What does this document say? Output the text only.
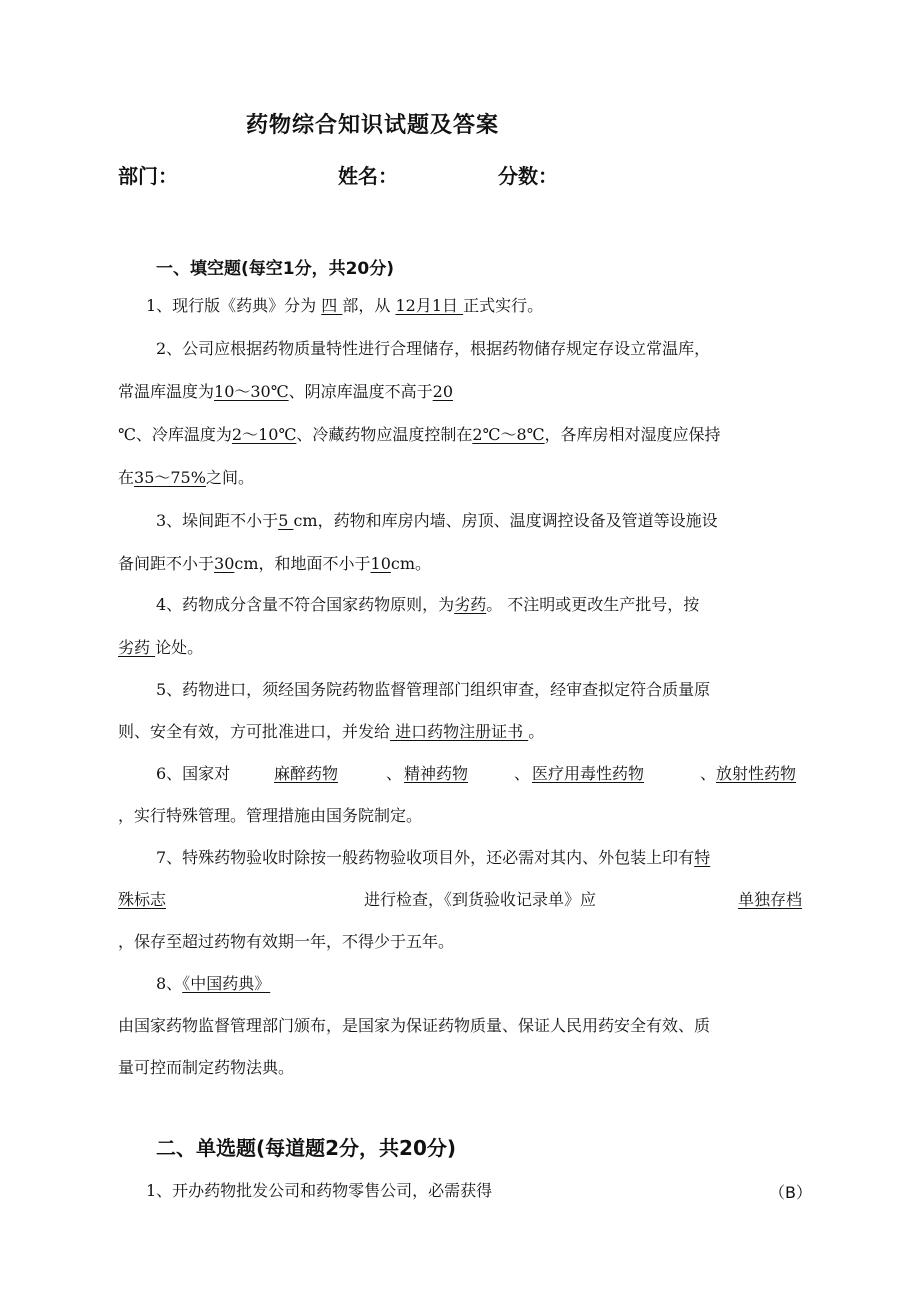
药物综合知识试题及答案
部门：	姓名：	分数：
一、填空题(每空1分，共20分)
1、现行版《药典》分为 四 部，从 12月1日 正式实行。
2、公司应根据药物质量特性进行合理储存，根据药物储存规定存设立常温库，
常温库温度为10～30℃、阴凉库温度不高于20
℃、冷库温度为2～10℃、冷藏药物应温度控制在2℃～8℃，各库房相对湿度应保持
在35～75%之间。
3、垛间距不小于5 cm，药物和库房内墙、房顶、温度调控设备及管道等设施设
备间距不小于30cm，和地面不小于10cm。
4、药物成分含量不符合国家药物原则，为劣药。 不注明或更改生产批号，按
劣药 论处。
5、药物进口，须经国务院药物监督管理部门组织审查，经审查拟定符合质量原
则、安全有效，方可批准进口，并发给 进口药物注册证书 。
6、国家对	麻醉药物	、 精神药物	、 医疗用毒性药物	、 放射性药物
，实行特殊管理。管理措施由国务院制定。
7、特殊药物验收时除按一般药物验收项目外，还必需对其内、外包装上印有特
殊标志	进行检查，《到货验收记录单》应	单独存档
，保存至超过药物有效期一年，不得少于五年。
8、《中国药典》
由国家药物监督管理部门颁布，是国家为保证药物质量、保证人民用药安全有效、质
量可控而制定药物法典。
二、单选题(每道题2分，共20分)
1、开办药物批发公司和药物零售公司，必需获得	（B）
